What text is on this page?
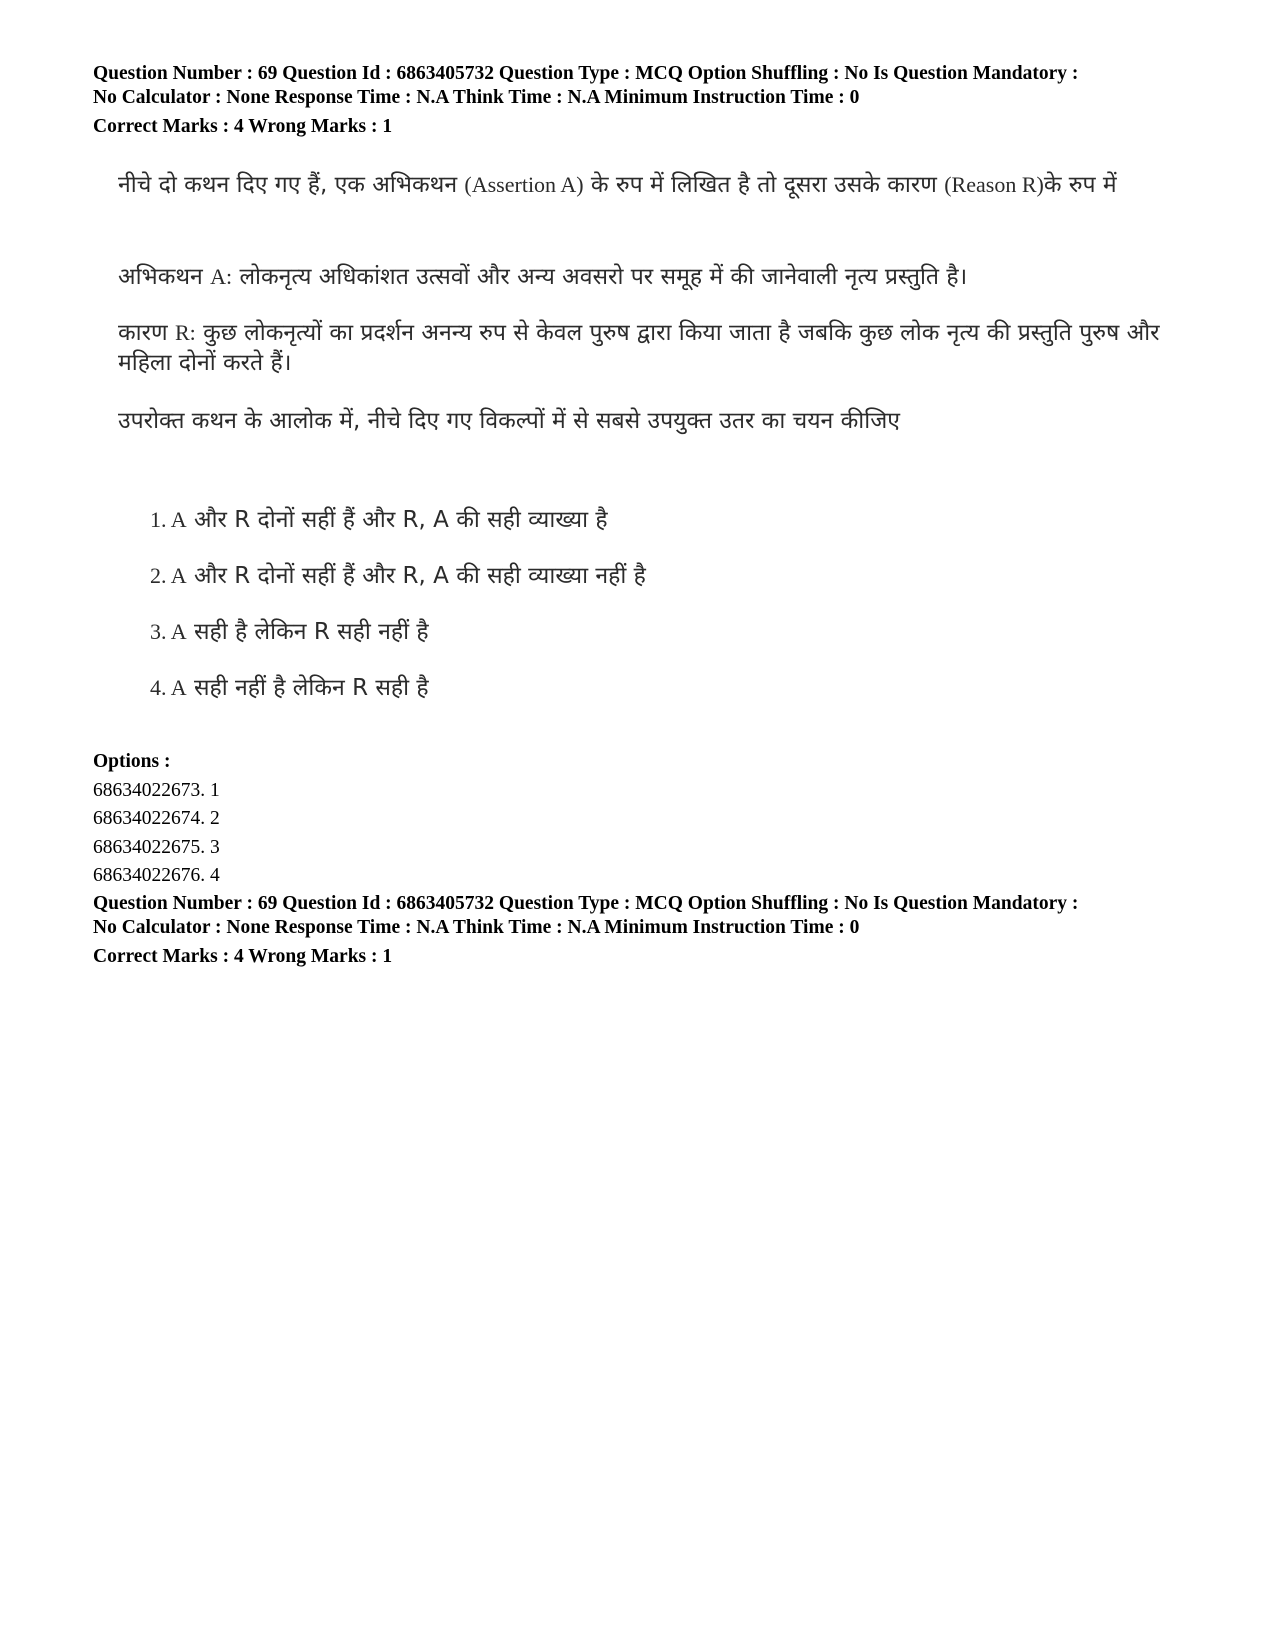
Question Number : 69 Question Id : 6863405732 Question Type : MCQ Option Shuffling : No Is Question Mandatory :
No Calculator : None Response Time : N.A Think Time : N.A Minimum Instruction Time : 0
Correct Marks : 4 Wrong Marks : 1

नीचे दो कथन दिए गए हैं, एक अभिकथन (Assertion A) के रुप में लिखित है तो दूसरा उसके कारण (Reason R)के रुप में

अभिकथन A: लोकनृत्य अधिकांशत उत्सवों और अन्य अवसरो पर समूह में की जानेवाली नृत्य प्रस्तुति है।

कारण R: कुछ लोकनृत्यों का प्रदर्शन अनन्य रुप से केवल पुरुष द्वारा किया जाता है जबकि कुछ लोक नृत्य की प्रस्तुति पुरुष और महिला दोनों करते हैं।

उपरोक्त कथन के आलोक में, नीचे दिए गए विकल्पों में से सबसे उपयुक्त उतर का चयन कीजिए

1. A और R दोनों सहीं हैं और R, A की सही व्याख्या है
2. A और R दोनों सहीं हैं और R, A की सही व्याख्या नहीं है
3. A सही है लेकिन R सही नहीं है
4. A सही नहीं है लेकिन R सही है
Options :
68634022673. 1
68634022674. 2
68634022675. 3
68634022676. 4
Question Number : 69 Question Id : 6863405732 Question Type : MCQ Option Shuffling : No Is Question Mandatory :
No Calculator : None Response Time : N.A Think Time : N.A Minimum Instruction Time : 0
Correct Marks : 4 Wrong Marks : 1
